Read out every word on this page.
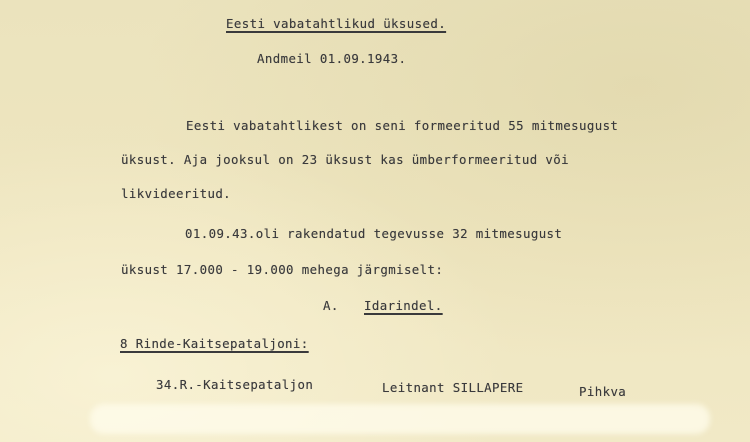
Eesti vabatahtlikud üksused.

Andmeil 01.09.1943.

Eesti vabatahtlikest on seni formeeritud 55 mitmesugust

üksust. Aja jooksul on 23 üksust kas ümberformeeritud või

likvideeritud.

01.09.43.oli rakendatud tegevusse 32 mitmesugust

üksust 17.000 - 19.000 mehega järgmiselt:

A. Idarindel.

8 Rinde-Kaitsepataljoni:

34.R.-Kaitsepataljon	Leitnant SILLAPERE	Pihkva
